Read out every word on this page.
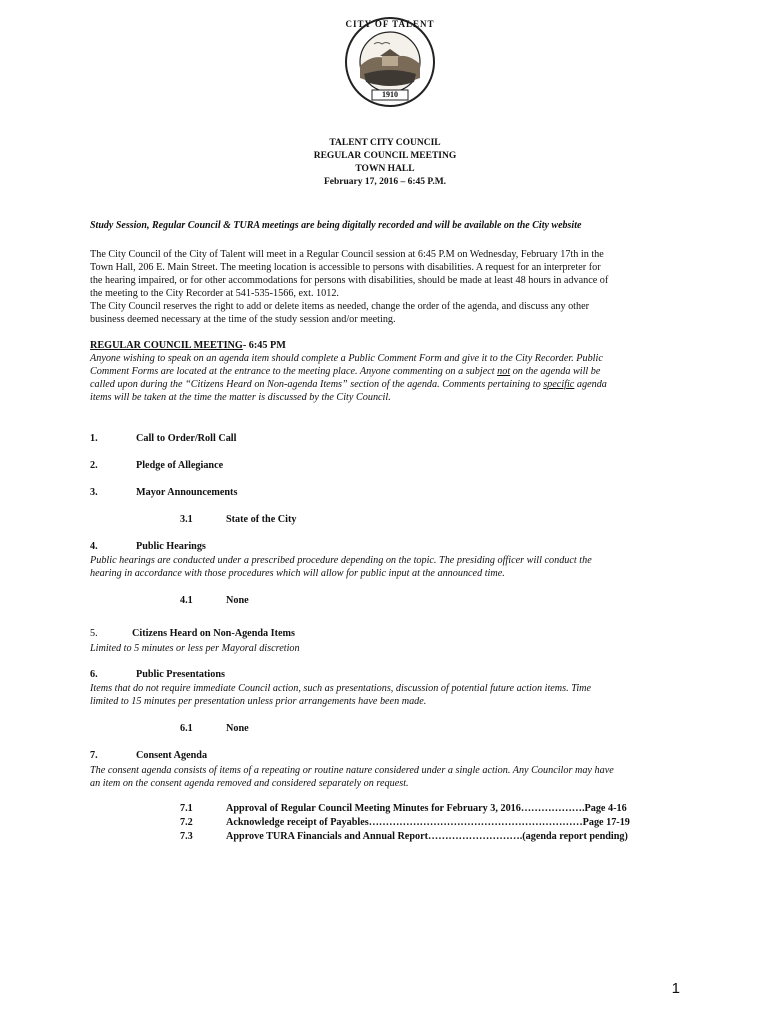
1910
CITY OF TALENT
TALENT CITY COUNCIL
REGULAR COUNCIL MEETING
TOWN HALL
February 17, 2016 – 6:45 P.M.
Study Session, Regular Council & TURA meetings are being digitally recorded and will be available on the City website
The City Council of the City of Talent will meet in a Regular Council session at 6:45 P.M on Wednesday, February 17th in the
Town Hall, 206 E. Main Street. The meeting location is accessible to persons with disabilities. A request for an interpreter for
the hearing impaired, or for other accommodations for persons with disabilities, should be made at least 48 hours in advance of
the meeting to the City Recorder at 541-535-1566, ext. 1012.
The City Council reserves the right to add or delete items as needed, change the order of the agenda, and discuss any other
business deemed necessary at the time of the study session and/or meeting.
REGULAR COUNCIL MEETING- 6:45 PM
Anyone wishing to speak on an agenda item should complete a Public Comment Form and give it to the City Recorder. Public
Comment Forms are located at the entrance to the meeting place. Anyone commenting on a subject not on the agenda will be
called upon during the “Citizens Heard on Non-agenda Items” section of the agenda. Comments pertaining to specific agenda
items will be taken at the time the matter is discussed by the City Council.
1.	Call to Order/Roll Call
2.	Pledge of Allegiance
3.	Mayor Announcements
3.1	State of the City
4.	Public Hearings
Public hearings are conducted under a prescribed procedure depending on the topic. The presiding officer will conduct the
hearing in accordance with those procedures which will allow for public input at the announced time.
4.1	None
5.	Citizens Heard on Non-Agenda Items
Limited to 5 minutes or less per Mayoral discretion
6.	Public Presentations
Items that do not require immediate Council action, such as presentations, discussion of potential future action items. Time
limited to 15 minutes per presentation unless prior arrangements have been made.
6.1	None
7.	Consent Agenda
The consent agenda consists of items of a repeating or routine nature considered under a single action. Any Councilor may have
an item on the consent agenda removed and considered separately on request.
7.1	Approval of Regular Council Meeting Minutes for February 3, 2016……………….Page 4-16
7.2	Acknowledge receipt of Payables………………………………………………………Page 17-19
7.3	Approve TURA Financials and Annual Report……………………….(agenda report pending)
1
